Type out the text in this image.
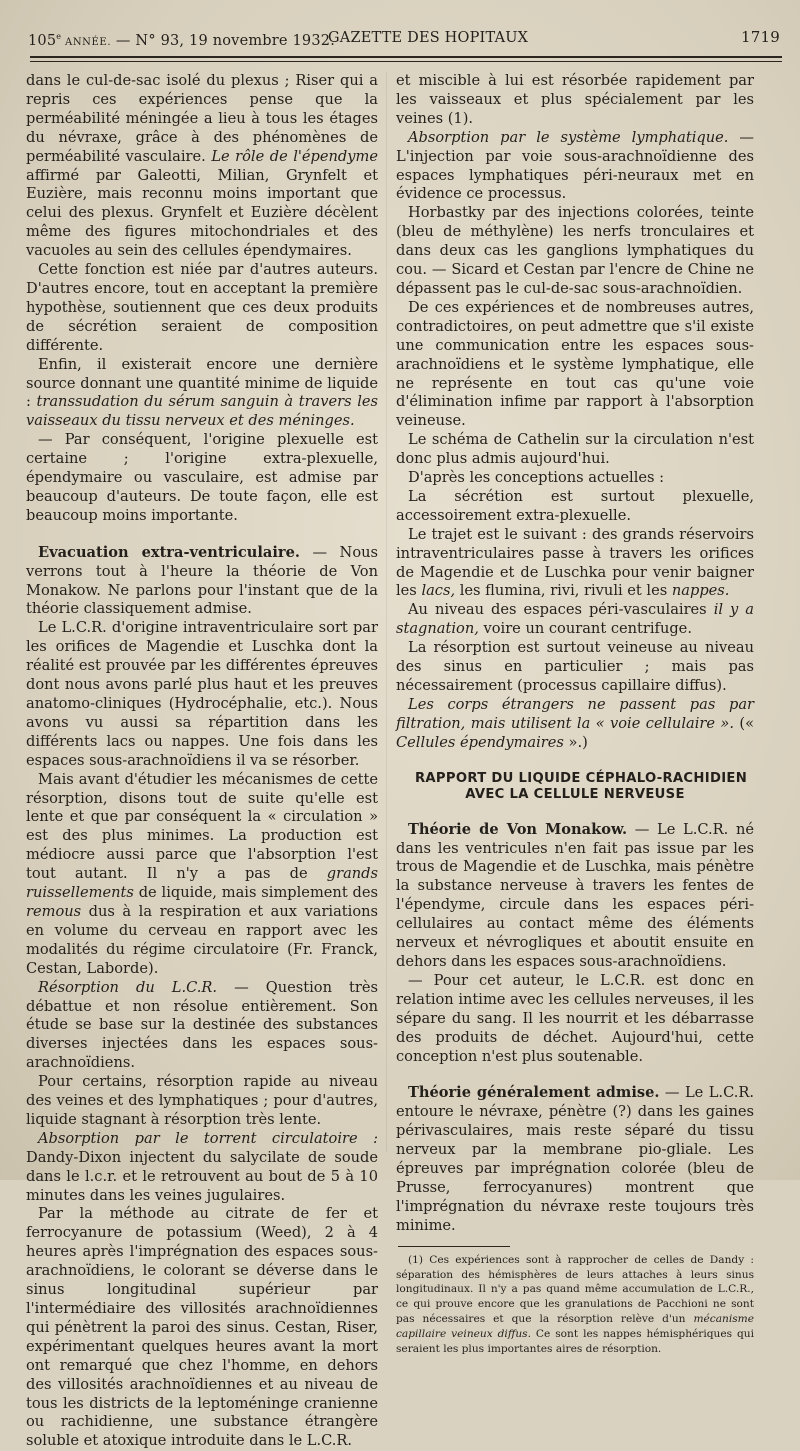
105e ANNÉE. — N° 93, 19 novembre 1932.
GAZETTE DES HOPITAUX	1719

dans le cul-de-sac isolé du plexus ; Riser qui a repris ces expériences pense que la perméabilité méningée a lieu à tous les étages du névraxe, grâce à des phénomènes de perméabilité vasculaire. Le rôle de l'épendyme affirmé par Galeotti, Milian, Grynfelt et Euzière, mais reconnu moins important que celui des plexus. Grynfelt et Euzière décèlent même des figures mitochondriales et des vacuoles au sein des cellules épendymaires.

Cette fonction est niée par d'autres auteurs. D'autres encore, tout en acceptant la première hypothèse, soutiennent que ces deux produits de sécrétion seraient de composition différente.

Enfin, il existerait encore une dernière source donnant une quantité minime de liquide : transsudation du sérum sanguin à travers les vaisseaux du tissu nerveux et des méninges.

— Par conséquent, l'origine plexuelle est certaine ; l'origine extra-plexuelle, épendymaire ou vasculaire, est admise par beaucoup d'auteurs. De toute façon, elle est beaucoup moins importante.

Evacuation extra-ventriculaire. — Nous verrons tout à l'heure la théorie de Von Monakow. Ne parlons pour l'instant que de la théorie classiquement admise.

Le L.C.R. d'origine intraventriculaire sort par les orifices de Magendie et Luschka dont la réalité est prouvée par les différentes épreuves dont nous avons parlé plus haut et les preuves anatomo-cliniques (Hydrocéphalie, etc.). Nous avons vu aussi sa répartition dans les différents lacs ou nappes. Une fois dans les espaces sous-arachnoïdiens il va se résorber.

Mais avant d'étudier les mécanismes de cette résorption, disons tout de suite qu'elle est lente et que par conséquent la « circulation » est des plus minimes. La production est médiocre aussi parce que l'absorption l'est tout autant. Il n'y a pas de grands ruissellements de liquide, mais simplement des remous dus à la respiration et aux variations en volume du cerveau en rapport avec les modalités du régime circulatoire (Fr. Franck, Cestan, Laborde).

Résorption du L.C.R. — Question très débattue et non résolue entièrement. Son étude se base sur la destinée des substances diverses injectées dans les espaces sous-arachnoïdiens.

Pour certains, résorption rapide au niveau des veines et des lymphatiques ; pour d'autres, liquide stagnant à résorption très lente.

Absorption par le torrent circulatoire : Dandy-Dixon injectent du salycilate de soude dans le l.c.r. et le retrouvent au bout de 5 à 10 minutes dans les veines jugulaires.

Par la méthode au citrate de fer et ferrocyanure de potassium (Weed), 2 à 4 heures après l'imprégnation des espaces sous-arachnoïdiens, le colorant se déverse dans le sinus longitudinal supérieur par l'intermédiaire des villosités arachnoïdiennes qui pénètrent la paroi des sinus. Cestan, Riser, expérimentant quelques heures avant la mort ont remarqué que chez l'homme, en dehors des villosités arachnoïdiennes et au niveau de tous les districts de la leptoméninge cranienne ou rachidienne, une substance étrangère soluble et atoxique introduite dans le L.C.R.

et miscible à lui est résorbée rapidement par les vaisseaux et plus spécialement par les veines (1).

Absorption par le système lymphatique. — L'injection par voie sous-arachnoïdienne des espaces lymphatiques péri-neuraux met en évidence ce processus.

Horbastky par des injections colorées, teinte (bleu de méthylène) les nerfs tronculaires et dans deux cas les ganglions lymphatiques du cou. — Sicard et Cestan par l'encre de Chine ne dépassent pas le cul-de-sac sous-arachnoïdien.

De ces expériences et de nombreuses autres, contradictoires, on peut admettre que s'il existe une communication entre les espaces sous-arachnoïdiens et le système lymphatique, elle ne représente en tout cas qu'une voie d'élimination infime par rapport à l'absorption veineuse.

Le schéma de Cathelin sur la circulation n'est donc plus admis aujourd'hui.

D'après les conceptions actuelles :

La sécrétion est surtout plexuelle, accessoirement extra-plexuelle.

Le trajet est le suivant : des grands réservoirs intraventriculaires passe à travers les orifices de Magendie et de Luschka pour venir baigner les lacs, les flumina, rivi, rivuli et les nappes.

Au niveau des espaces péri-vasculaires il y a stagnation, voire un courant centrifuge.

La résorption est surtout veineuse au niveau des sinus en particulier ; mais pas nécessairement (processus capillaire diffus).

Les corps étrangers ne passent pas par filtration, mais utilisent la « voie cellulaire ». (« Cellules épendymaires ».)

RAPPORT DU LIQUIDE CÉPHALO-RACHIDIEN
AVEC LA CELLULE NERVEUSE

Théorie de Von Monakow. — Le L.C.R. né dans les ventricules n'en fait pas issue par les trous de Magendie et de Luschka, mais pénètre la substance nerveuse à travers les fentes de l'épendyme, circule dans les espaces péri-cellulaires au contact même des éléments nerveux et névrogliques et aboutit ensuite en dehors dans les espaces sous-arachnoïdiens.

— Pour cet auteur, le L.C.R. est donc en relation intime avec les cellules nerveuses, il les sépare du sang. Il les nourrit et les débarrasse des produits de déchet. Aujourd'hui, cette conception n'est plus soutenable.

Théorie généralement admise. — Le L.C.R. entoure le névraxe, pénètre (?) dans les gaines périvasculaires, mais reste séparé du tissu nerveux par la membrane pio-gliale. Les épreuves par imprégnation colorée (bleu de Prusse, ferrocyanures) montrent que l'imprégnation du névraxe reste toujours très minime.

(1) Ces expériences sont à rapprocher de celles de Dandy : séparation des hémisphères de leurs attaches à leurs sinus longitudinaux. Il n'y a pas quand même accumulation de L.C.R., ce qui prouve encore que les granulations de Pacchioni ne sont pas nécessaires et que la résorption relève d'un mécanisme capillaire veineux diffus. Ce sont les nappes hémisphériques qui seraient les plus importantes aires de résorption.
